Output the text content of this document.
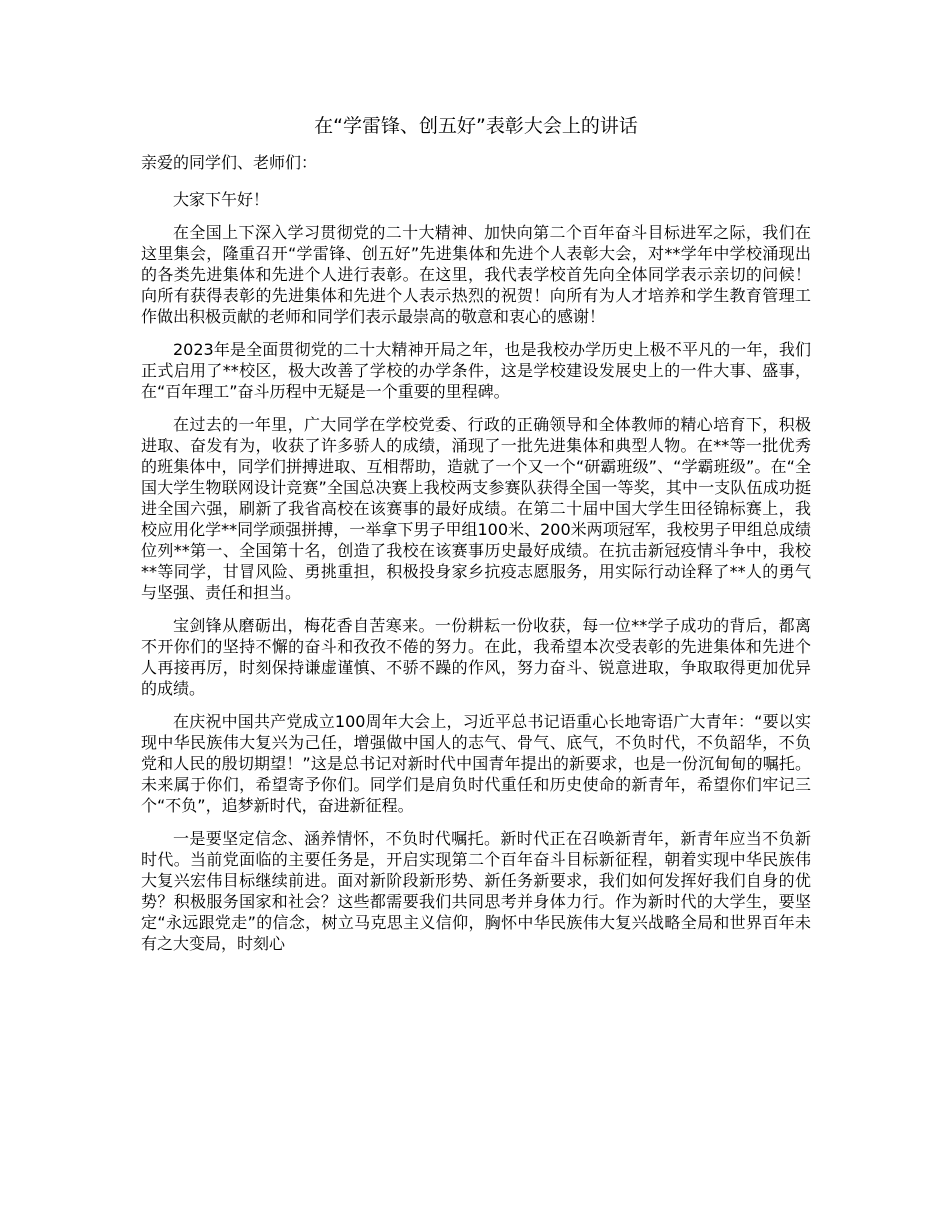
在“学雷锋、创五好”表彰大会上的讲话

亲爱的同学们、老师们：

大家下午好！

在全国上下深入学习贯彻党的二十大精神、加快向第二个百年奋斗目标进军之际，我们在这里集会，隆重召开“学雷锋、创五好”先进集体和先进个人表彰大会，对**学年中学校涌现出的各类先进集体和先进个人进行表彰。在这里，我代表学校首先向全体同学表示亲切的问候！向所有获得表彰的先进集体和先进个人表示热烈的祝贺！向所有为人才培养和学生教育管理工作做出积极贡献的老师和同学们表示最崇高的敬意和衷心的感谢！

2023年是全面贯彻党的二十大精神开局之年，也是我校办学历史上极不平凡的一年，我们正式启用了**校区，极大改善了学校的办学条件，这是学校建设发展史上的一件大事、盛事，在“百年理工”奋斗历程中无疑是一个重要的里程碑。

在过去的一年里，广大同学在学校党委、行政的正确领导和全体教师的精心培育下，积极进取、奋发有为，收获了许多骄人的成绩，涌现了一批先进集体和典型人物。在**等一批优秀的班集体中，同学们拼搏进取、互相帮助，造就了一个又一个“研霸班级”、“学霸班级”。在“全国大学生物联网设计竞赛”全国总决赛上我校两支参赛队获得全国一等奖，其中一支队伍成功挺进全国六强，刷新了我省高校在该赛事的最好成绩。在第二十届中国大学生田径锦标赛上，我校应用化学**同学顽强拼搏，一举拿下男子甲组100米、200米两项冠军，我校男子甲组总成绩位列**第一、全国第十名，创造了我校在该赛事历史最好成绩。在抗击新冠疫情斗争中，我校**等同学，甘冒风险、勇挑重担，积极投身家乡抗疫志愿服务，用实际行动诠释了**人的勇气与坚强、责任和担当。

宝剑锋从磨砺出，梅花香自苦寒来。一份耕耘一份收获，每一位**学子成功的背后，都离不开你们的坚持不懈的奋斗和孜孜不倦的努力。在此，我希望本次受表彰的先进集体和先进个人再接再厉，时刻保持谦虚谨慎、不骄不躁的作风，努力奋斗、锐意进取，争取取得更加优异的成绩。

在庆祝中国共产党成立100周年大会上，习近平总书记语重心长地寄语广大青年：“要以实现中华民族伟大复兴为己任，增强做中国人的志气、骨气、底气，不负时代，不负韶华，不负党和人民的殷切期望！”这是总书记对新时代中国青年提出的新要求，也是一份沉甸甸的嘱托。未来属于你们，希望寄予你们。同学们是肩负时代重任和历史使命的新青年，希望你们牢记三个“不负”，追梦新时代，奋进新征程。

一是要坚定信念、涵养情怀，不负时代嘱托。新时代正在召唤新青年，新青年应当不负新时代。当前党面临的主要任务是，开启实现第二个百年奋斗目标新征程，朝着实现中华民族伟大复兴宏伟目标继续前进。面对新阶段新形势、新任务新要求，我们如何发挥好我们自身的优势？积极服务国家和社会？这些都需要我们共同思考并身体力行。作为新时代的大学生，要坚定“永远跟党走”的信念，树立马克思主义信仰，胸怀中华民族伟大复兴战略全局和世界百年未有之大变局，时刻心
